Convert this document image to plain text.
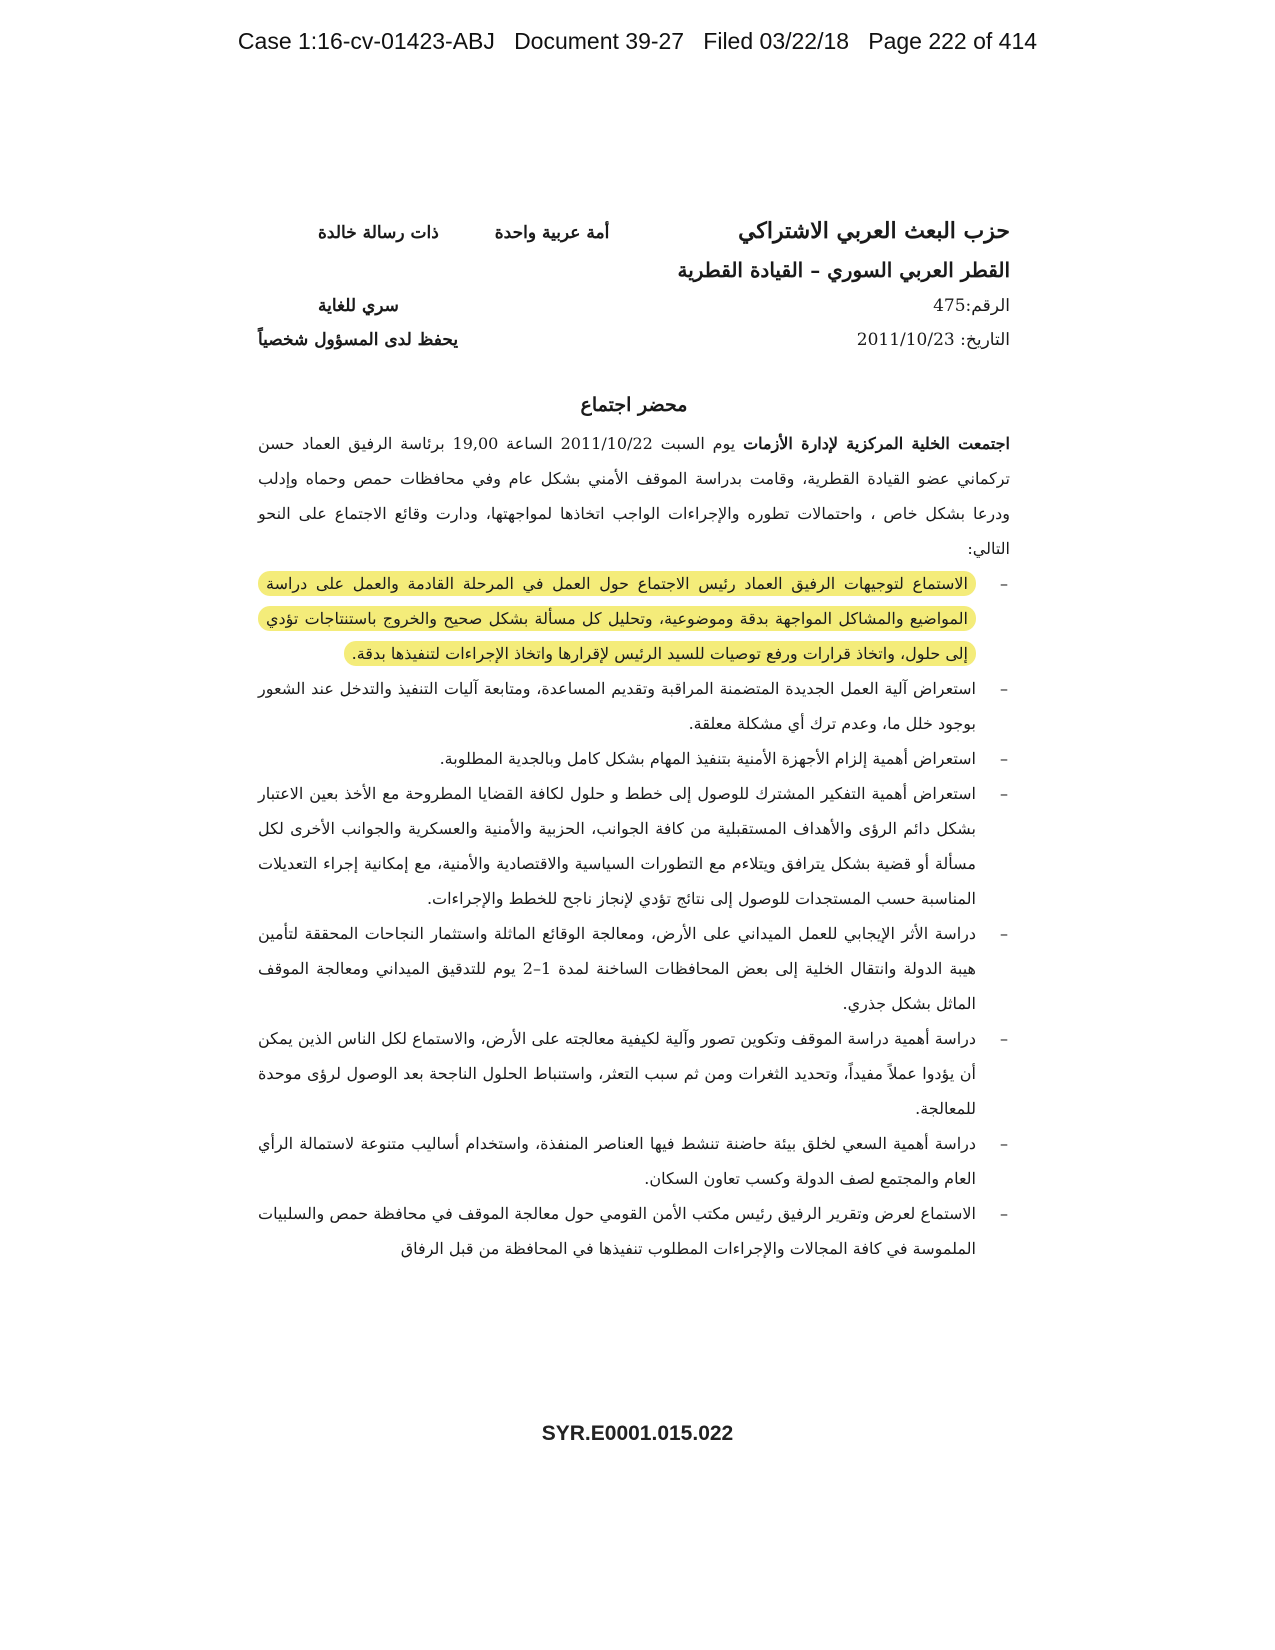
Case 1:16-cv-01423-ABJ Document 39-27 Filed 03/22/18 Page 222 of 414
حزب البعث العربي الاشتراكي
أمة عربية واحدة
ذات رسالة خالدة
القطر العربي السوري – القيادة القطرية
الرقم:475
سري للغاية
التاريخ: 2011/10/23
يحفظ لدى المسؤول شخصياً
محضر اجتماع
اجتمعت الخلية المركزية لإدارة الأزمات يوم السبت 2011/10/22 الساعة 19,00 برئاسة الرفيق العماد حسن تركماني عضو القيادة القطرية، وقامت بدراسة الموقف الأمني بشكل عام وفي محافظات حمص وحماه وإدلب ودرعا بشكل خاص ، واحتمالات تطوره والإجراءات الواجب اتخاذها لمواجهتها، ودارت وقائع الاجتماع على النحو التالي:
– الاستماع لتوجيهات الرفيق العماد رئيس الاجتماع حول العمل في المرحلة القادمة والعمل على دراسة المواضيع والمشاكل المواجهة بدقة وموضوعية، وتحليل كل مسألة بشكل صحيح والخروج باستنتاجات تؤدي إلى حلول، واتخاذ قرارات ورفع توصيات للسيد الرئيس لإقرارها واتخاذ الإجراءات لتنفيذها بدقة.
– استعراض آلية العمل الجديدة المتضمنة المراقبة وتقديم المساعدة، ومتابعة آليات التنفيذ والتدخل عند الشعور بوجود خلل ما، وعدم ترك أي مشكلة معلقة.
– استعراض أهمية إلزام الأجهزة الأمنية بتنفيذ المهام بشكل كامل وبالجدية المطلوبة.
– استعراض أهمية التفكير المشترك للوصول إلى خطط و حلول لكافة القضايا المطروحة مع الأخذ بعين الاعتبار بشكل دائم الرؤى والأهداف المستقبلية من كافة الجوانب، الحزبية والأمنية والعسكرية والجوانب الأخرى لكل مسألة أو قضية بشكل يترافق ويتلاءم مع التطورات السياسية والاقتصادية والأمنية، مع إمكانية إجراء التعديلات المناسبة حسب المستجدات للوصول إلى نتائج تؤدي لإنجاز ناجح للخطط والإجراءات.
– دراسة الأثر الإيجابي للعمل الميداني على الأرض، ومعالجة الوقائع الماثلة واستثمار النجاحات المحققة لتأمين هيبة الدولة وانتقال الخلية إلى بعض المحافظات الساخنة لمدة 1–2 يوم للتدقيق الميداني ومعالجة الموقف الماثل بشكل جذري.
– دراسة أهمية دراسة الموقف وتكوين تصور وآلية لكيفية معالجته على الأرض، والاستماع لكل الناس الذين يمكن أن يؤدوا عملاً مفيداً، وتحديد الثغرات ومن ثم سبب التعثر، واستنباط الحلول الناجحة بعد الوصول لرؤى موحدة للمعالجة.
– دراسة أهمية السعي لخلق بيئة حاضنة تنشط فيها العناصر المنفذة، واستخدام أساليب متنوعة لاستمالة الرأي العام والمجتمع لصف الدولة وكسب تعاون السكان.
– الاستماع لعرض وتقرير الرفيق رئيس مكتب الأمن القومي حول معالجة الموقف في محافظة حمص والسلبيات الملموسة في كافة المجالات والإجراءات المطلوب تنفيذها في المحافظة من قبل الرفاق
SYR.E0001.015.022
